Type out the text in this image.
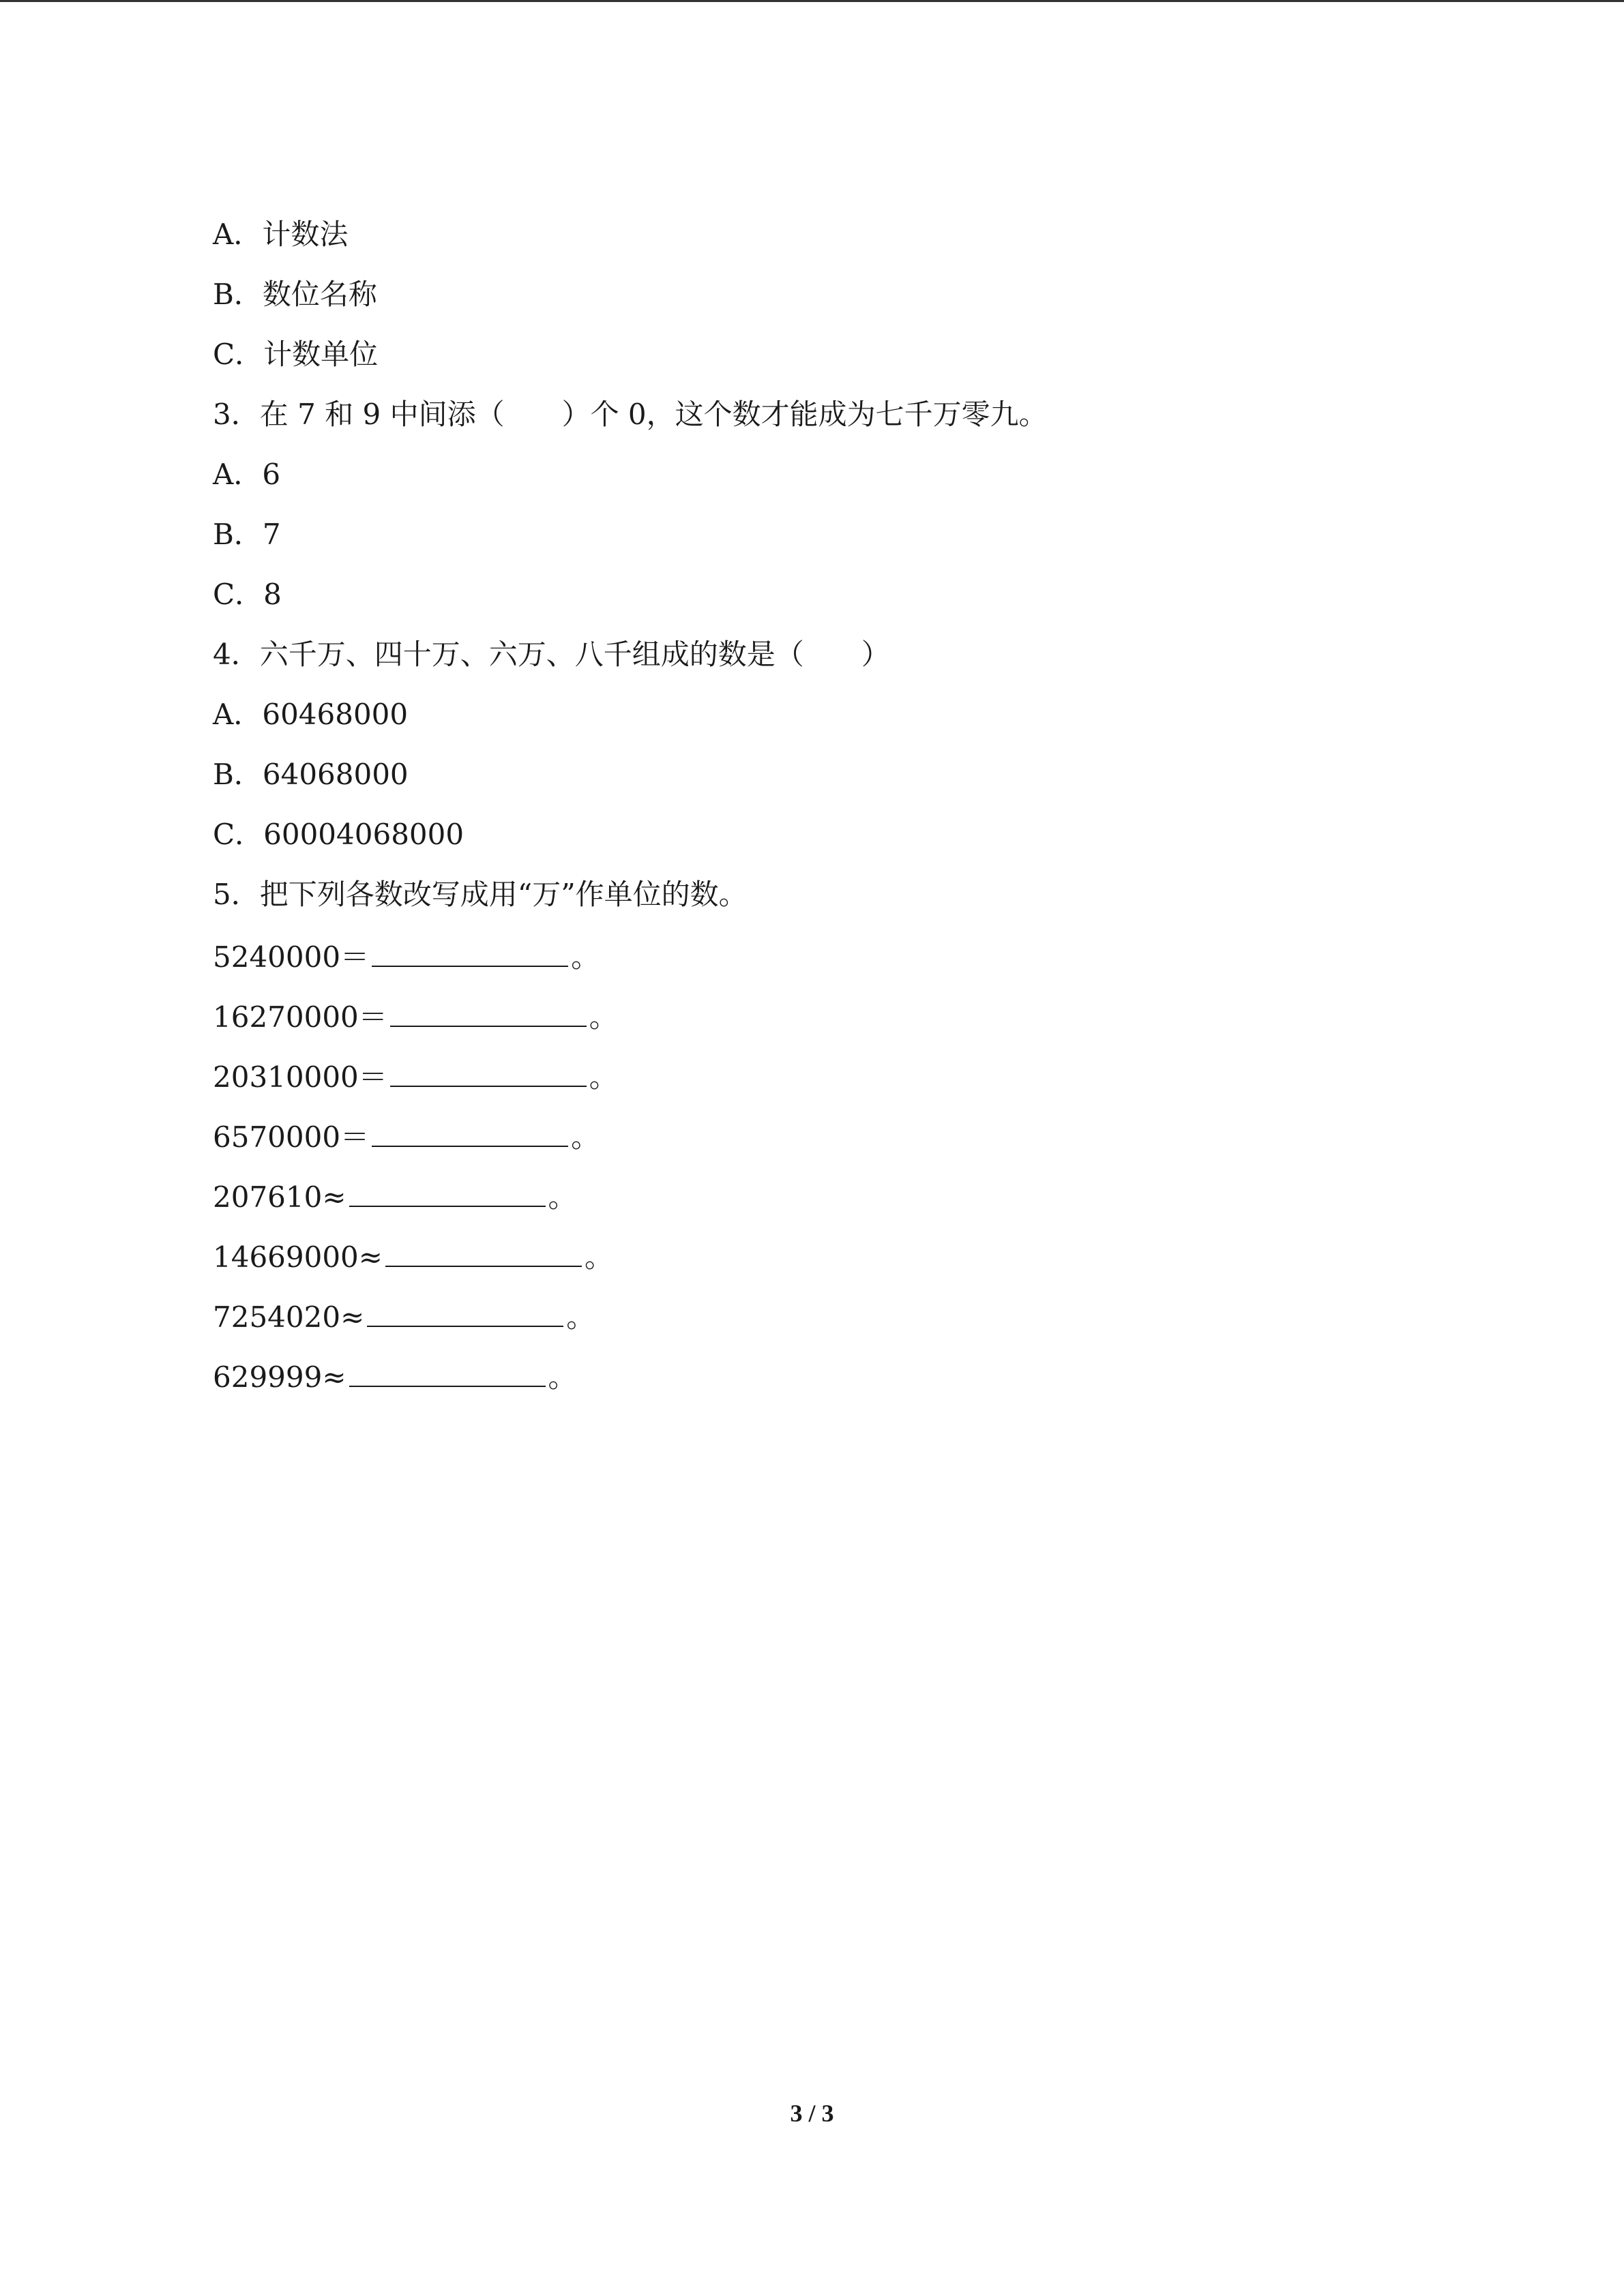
A．计数法
B．数位名称
C．计数单位
3．在 7 和 9 中间添（　　）个 0，这个数才能成为七千万零九。
A．6
B．7
C．8
4．六千万、四十万、六万、八千组成的数是（　　）
A．60468000
B．64068000
C．60004068000
5．把下列各数改写成用“万”作单位的数。
5240000＝	。
16270000＝	。
20310000＝	。
6570000＝	。
207610≈	。
14669000≈	。
7254020≈	。
629999≈	。
3 / 3
